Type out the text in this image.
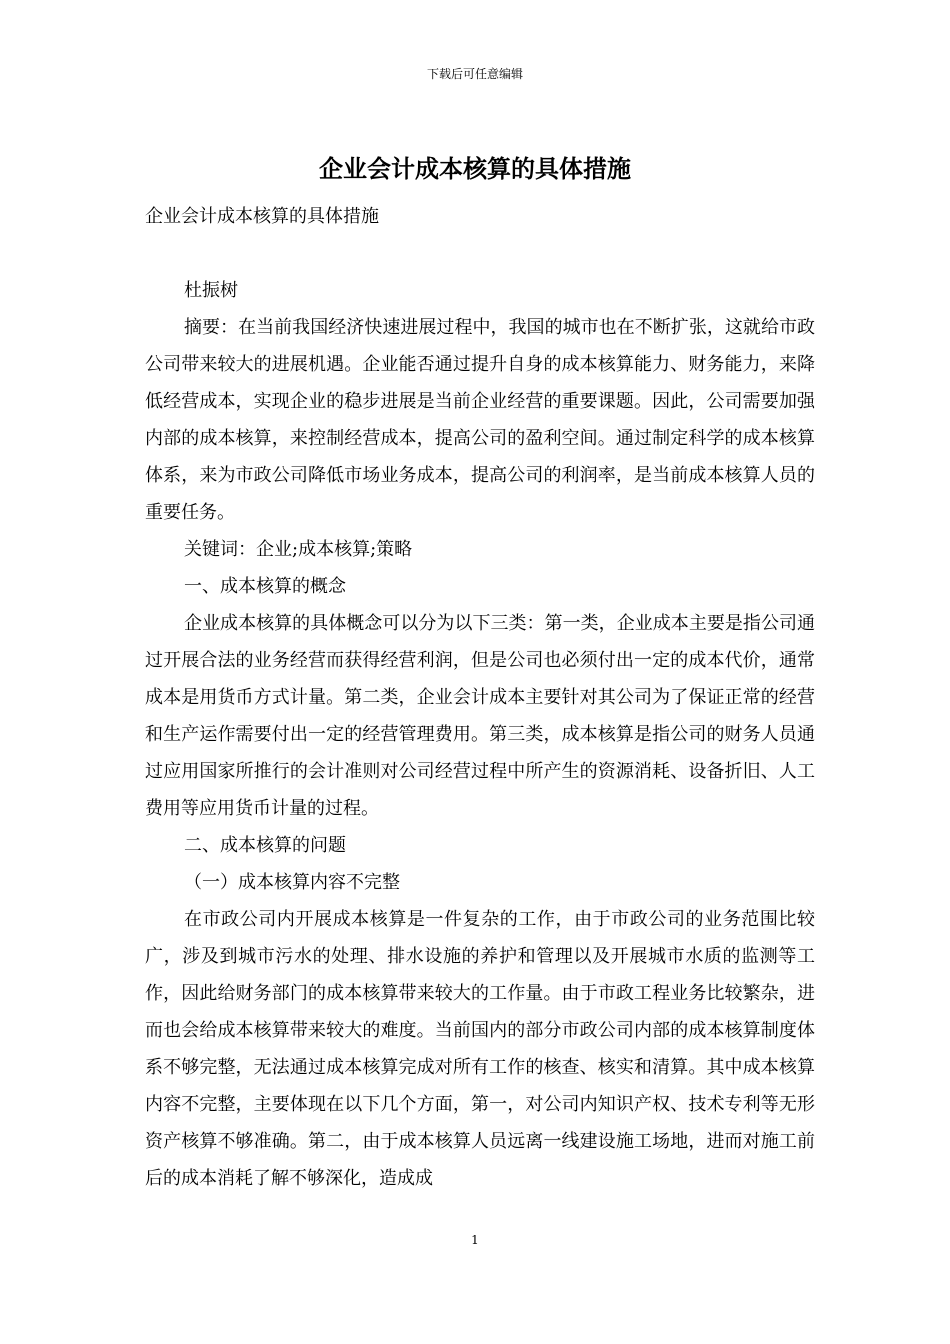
下载后可任意编辑
企业会计成本核算的具体措施

企业会计成本核算的具体措施

杜振树

摘要：在当前我国经济快速进展过程中，我国的城市也在不断扩张，这就给市政公司带来较大的进展机遇。企业能否通过提升自身的成本核算能力、财务能力，来降低经营成本，实现企业的稳步进展是当前企业经营的重要课题。因此，公司需要加强内部的成本核算，来控制经营成本，提高公司的盈利空间。通过制定科学的成本核算体系，来为市政公司降低市场业务成本，提高公司的利润率，是当前成本核算人员的重要任务。

关键词：企业;成本核算;策略

一、成本核算的概念

企业成本核算的具体概念可以分为以下三类：第一类，企业成本主要是指公司通过开展合法的业务经营而获得经营利润，但是公司也必须付出一定的成本代价，通常成本是用货币方式计量。第二类，企业会计成本主要针对其公司为了保证正常的经营和生产运作需要付出一定的经营管理费用。第三类，成本核算是指公司的财务人员通过应用国家所推行的会计准则对公司经营过程中所产生的资源消耗、设备折旧、人工费用等应用货币计量的过程。

二、成本核算的问题

（一）成本核算内容不完整

在市政公司内开展成本核算是一件复杂的工作，由于市政公司的业务范围比较广，涉及到城市污水的处理、排水设施的养护和管理以及开展城市水质的监测等工作，因此给财务部门的成本核算带来较大的工作量。由于市政工程业务比较繁杂，进而也会给成本核算带来较大的难度。当前国内的部分市政公司内部的成本核算制度体系不够完整，无法通过成本核算完成对所有工作的核查、核实和清算。其中成本核算内容不完整，主要体现在以下几个方面，第一，对公司内知识产权、技术专利等无形资产核算不够准确。第二，由于成本核算人员远离一线建设施工场地，进而对施工前后的成本消耗了解不够深化，造成成

1
